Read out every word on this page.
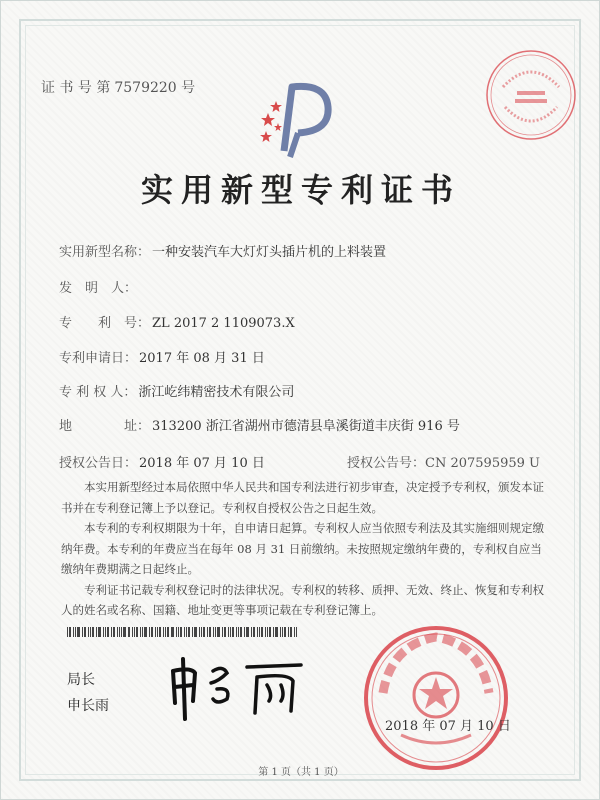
证 书 号 第 7579220 号
实用新型专利证书
实用新型名称： 一种安装汽车大灯灯头插片机的上料装置
发　明　人：
专　　利　号： ZL 2017 2 1109073.X
专利申请日： 2017 年 08 月 31 日
专 利 权 人： 浙江屹纬精密技术有限公司
地　　　　址： 313200 浙江省湖州市德清县阜溪街道丰庆街 916 号
授权公告日： 2018 年 07 月 10 日	授权公告号：CN 207595959 U

本实用新型经过本局依照中华人民共和国专利法进行初步审查，决定授予专利权，颁发本证书并在专利登记簿上予以登记。专利权自授权公告之日起生效。

本专利的专利权期限为十年，自申请日起算。专利权人应当依照专利法及其实施细则规定缴纳年费。本专利的年费应当在每年 08 月 31 日前缴纳。未按照规定缴纳年费的，专利权自应当缴纳年费期满之日起终止。

专利证书记载专利权登记时的法律状况。专利权的转移、质押、无效、终止、恢复和专利权人的姓名或名称、国籍、地址变更等事项记载在专利登记簿上。

局长
申长雨
2018 年 07 月 10 日
第 1 页（共 1 页）
